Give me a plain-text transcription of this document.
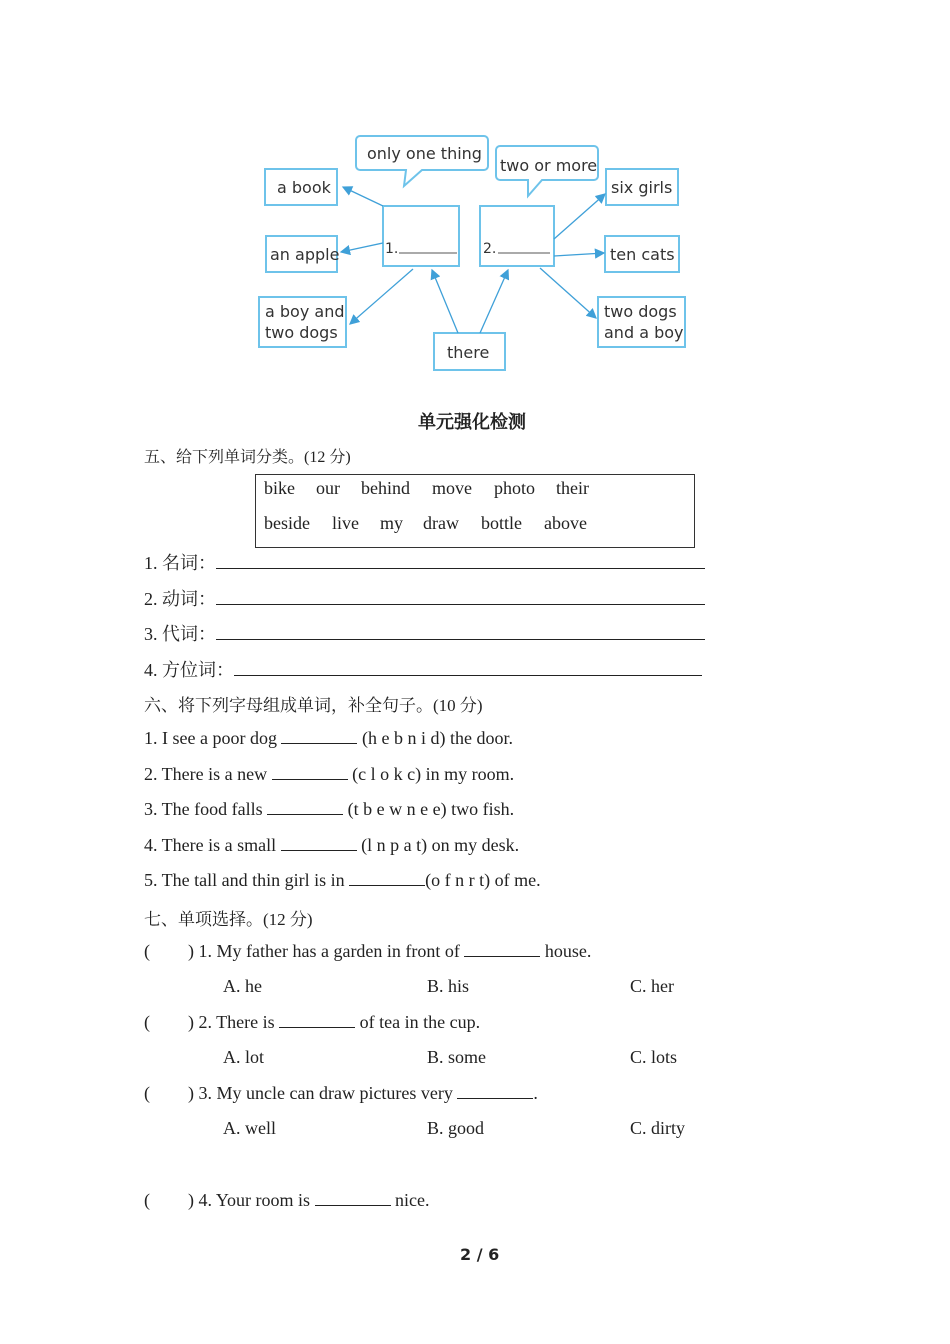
1.	2.
only one thing
two or more
a book
an apple
a boy and
two dogs
six girls
ten cats
two dogs
and a boy
there
单元强化检测
五、给下列单词分类。(12 分)
bike our behind move photo their
beside live my draw bottle above
1. 名词：
2. 动词：
3. 代词：
4. 方位词：
六、将下列字母组成单词，补全句子。(10 分)
1. I see a poor dog	(h e b n i d) the door.
2. There is a new	(c l o k c) in my room.
3. The food falls	(t b e w n e e) two fish.
4. There is a small	(l n p a t) on my desk.
5. The tall and thin girl is in	(o f n r t) of me.
七、单项选择。(12 分)
( ) 1. My father has a garden in front of	house.
A. he	B. his	C. her
( ) 2. There is	of tea in the cup.
A. lot	B. some	C. lots
( ) 3. My uncle can draw pictures very	.
A. well	B. good	C. dirty
( ) 4. Your room is	nice.
2 / 6
